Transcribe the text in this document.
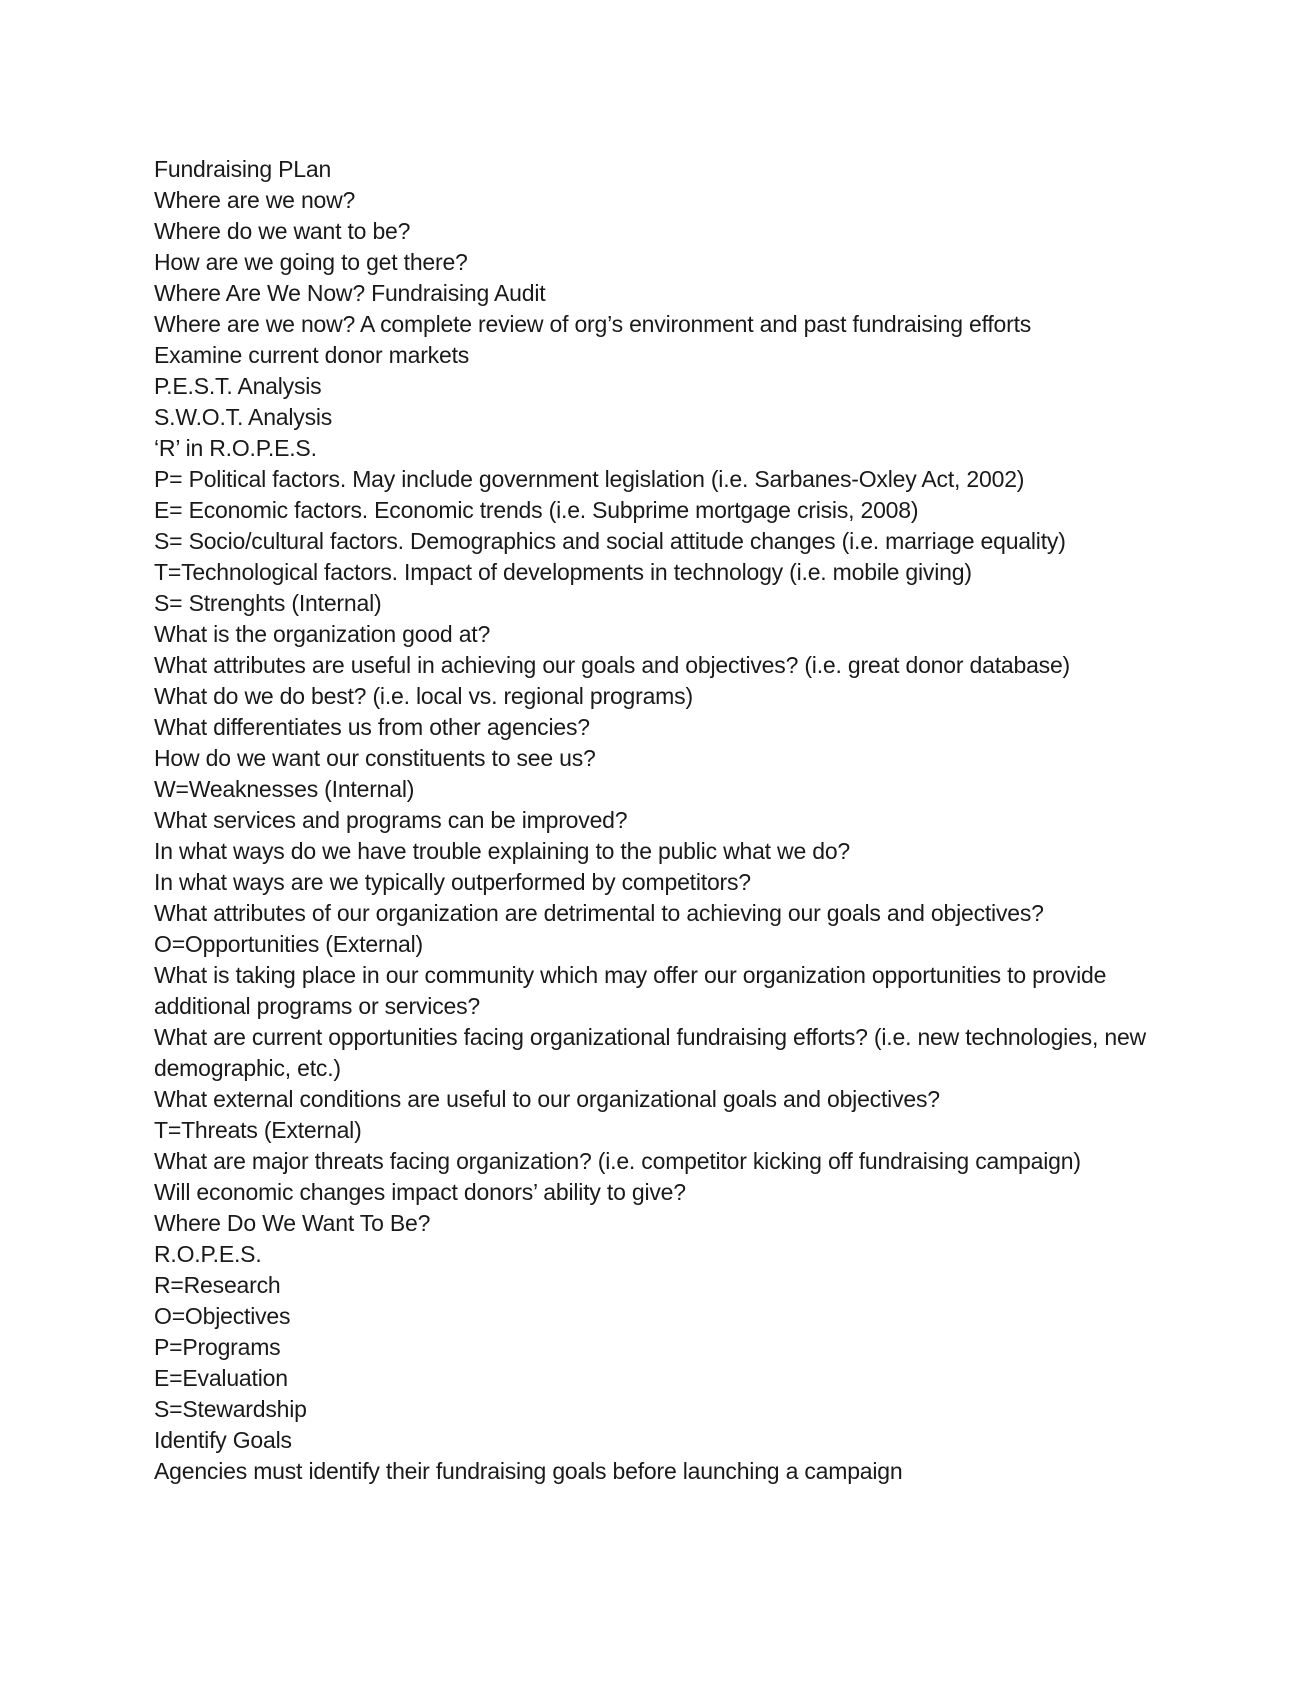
Fundraising PLan

Where are we now?

Where do we want to be?

How are we going to get there?

Where Are We Now? Fundraising Audit

Where are we now? A complete review of org’s environment and past fundraising efforts

Examine current donor markets

P.E.S.T. Analysis

S.W.O.T. Analysis

‘R’ in R.O.P.E.S.

P= Political factors. May include government legislation (i.e. Sarbanes-Oxley Act, 2002)

E= Economic factors. Economic trends (i.e. Subprime mortgage crisis, 2008)

S= Socio/cultural factors. Demographics and social attitude changes (i.e. marriage equality)

T=Technological factors. Impact of developments in technology (i.e. mobile giving)

S= Strenghts (Internal)

What is the organization good at?

What attributes are useful in achieving our goals and objectives? (i.e. great donor database)

What do we do best? (i.e. local vs. regional programs)

What differentiates us from other agencies?

How do we want our constituents to see us?

W=Weaknesses (Internal)

What services and programs can be improved?

In what ways do we have trouble explaining to the public what we do?

In what ways are we typically outperformed by competitors?

What attributes of our organization are detrimental to achieving our goals and objectives?

O=Opportunities (External)

What is taking place in our community which may offer our organization opportunities to provide additional programs or services?

What are current opportunities facing organizational fundraising efforts? (i.e. new technologies, new demographic, etc.)

What external conditions are useful to our organizational goals and objectives?

T=Threats (External)

What are major threats facing organization? (i.e. competitor kicking off fundraising campaign)

Will economic changes impact donors’ ability to give?

Where Do We Want To Be?

R.O.P.E.S.

R=Research

O=Objectives

P=Programs

E=Evaluation

S=Stewardship

Identify Goals

Agencies must identify their fundraising goals before launching a campaign
